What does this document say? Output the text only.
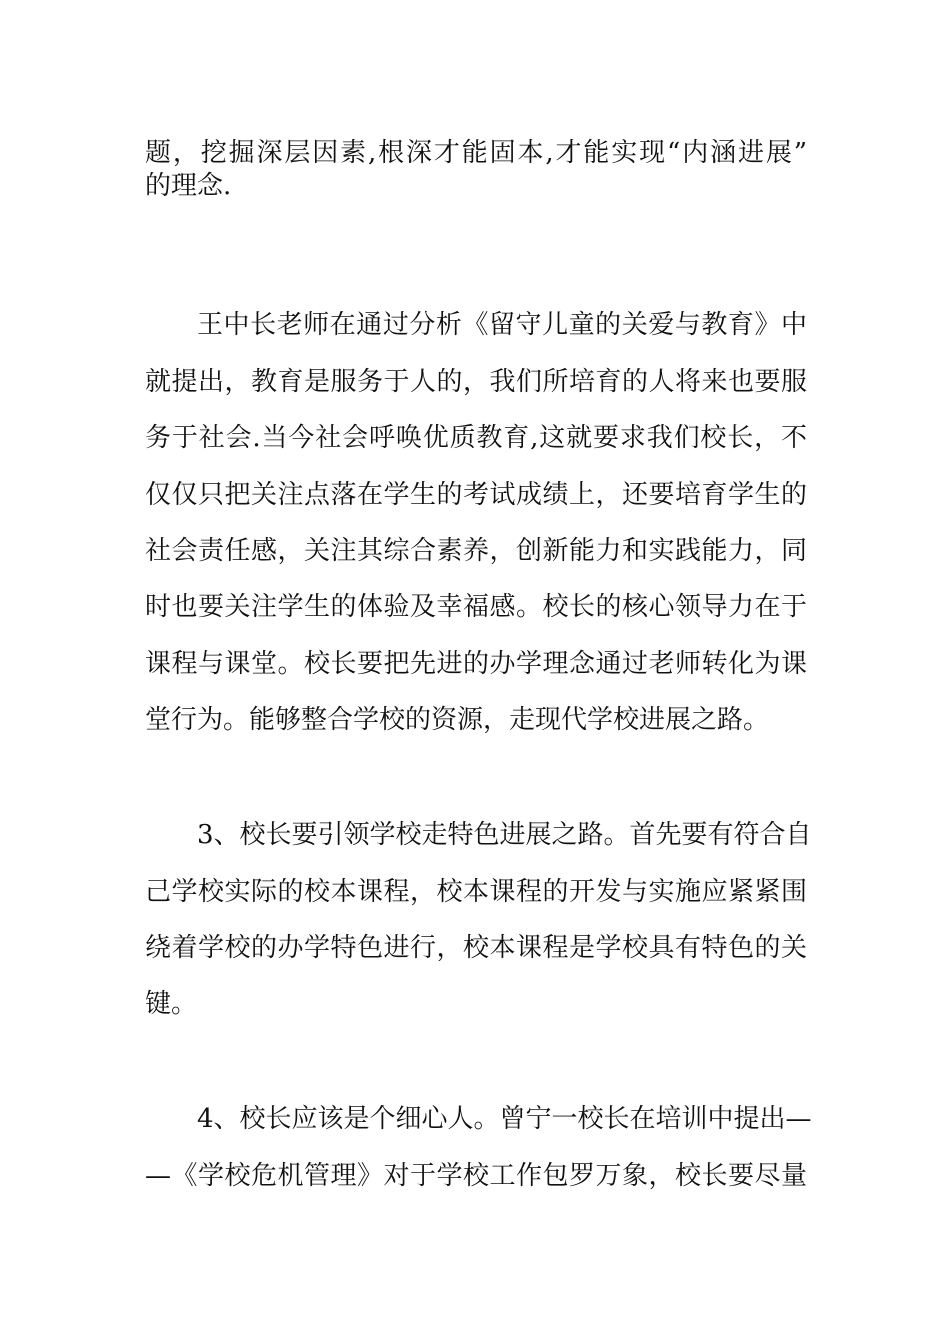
题，挖掘深层因素,根深才能固本,才能实现“内涵进展”
的理念.
王中长老师在通过分析《留守儿童的关爱与教育》中
就提出，教育是服务于人的，我们所培育的人将来也要服
务于社会.当今社会呼唤优质教育,这就要求我们校长，不
仅仅只把关注点落在学生的考试成绩上，还要培育学生的
社会责任感，关注其综合素养，创新能力和实践能力，同
时也要关注学生的体验及幸福感。校长的核心领导力在于
课程与课堂。校长要把先进的办学理念通过老师转化为课
堂行为。能够整合学校的资源，走现代学校进展之路。
3、校长要引领学校走特色进展之路。首先要有符合自
己学校实际的校本课程，校本课程的开发与实施应紧紧围
绕着学校的办学特色进行，校本课程是学校具有特色的关
键。
4、校长应该是个细心人。曾宁一校长在培训中提出—
—《学校危机管理》对于学校工作包罗万象，校长要尽量
